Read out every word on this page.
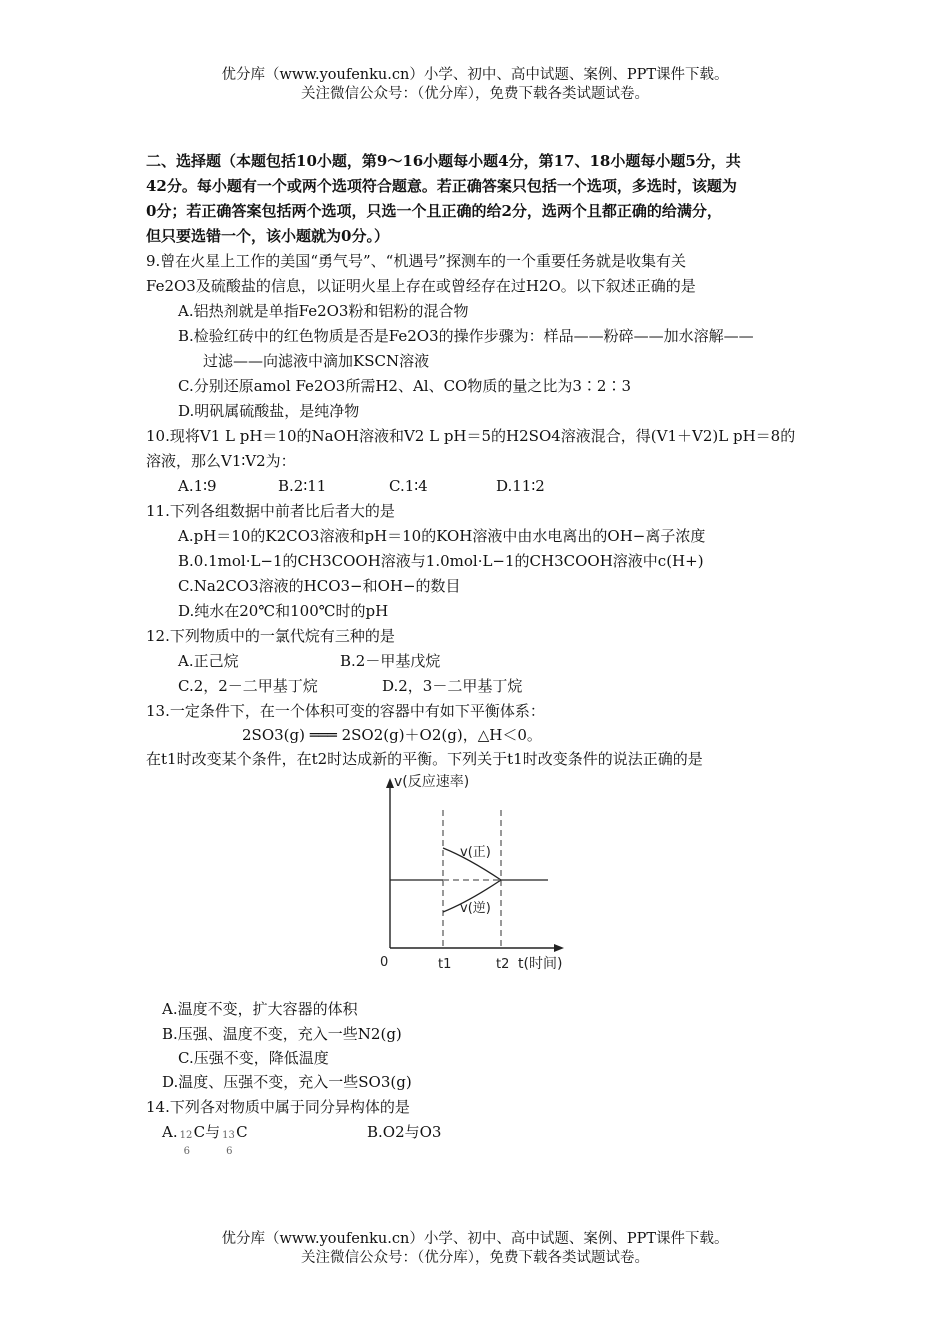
优分库（www.youfenku.cn）小学、初中、高中试题、案例、PPT课件下载。
关注微信公众号：（优分库），免费下载各类试题试卷。
二、选择题（本题包括10小题，第9～16小题每小题4分，第17、18小题每小题5分，共
42分。每小题有一个或两个选项符合题意。若正确答案只包括一个选项，多选时，该题为
0分；若正确答案包括两个选项，只选一个且正确的给2分，选两个且都正确的给满分，
但只要选错一个，该小题就为0分。）
9.曾在火星上工作的美国“勇气号”、“机遇号”探测车的一个重要任务就是收集有关
Fe2O3及硫酸盐的信息，以证明火星上存在或曾经存在过H2O。以下叙述正确的是
A.铝热剂就是单指Fe2O3粉和铝粉的混合物
B.检验红砖中的红色物质是否是Fe2O3的操作步骤为：样品——粉碎——加水溶解——
过滤——向滤液中滴加KSCN溶液
C.分别还原amol Fe2O3所需H2、Al、CO物质的量之比为3∶2∶3
D.明矾属硫酸盐，是纯净物
10.现将V1 L pH＝10的NaOH溶液和V2 L pH＝5的H2SO4溶液混合，得(V1＋V2)L pH＝8的
溶液，那么V1∶V2为：
A.1∶9	B.2∶11	C.1∶4	D.11∶2
11.下列各组数据中前者比后者大的是
A.pH＝10的K2CO3溶液和pH＝10的KOH溶液中由水电离出的OH−离子浓度
B.0.1mol·L−1的CH3COOH溶液与1.0mol·L−1的CH3COOH溶液中c(H+)
C.Na2CO3溶液的HCO3−和OH−的数目
D.纯水在20℃和100℃时的pH
12.下列物质中的一氯代烷有三种的是
A.正己烷	B.2－甲基戊烷
C.2，2－二甲基丁烷	D.2，3－二甲基丁烷
13.一定条件下，在一个体积可变的容器中有如下平衡体系：
2SO3(g) ═══ 2SO2(g)＋O2(g)，△H＜0。
在t1时改变某个条件，在t2时达成新的平衡。下列关于t1时改变条件的说法正确的是
v(反应速率)
v(正)
v(逆)
0	t1	t2 t(时间)
A.温度不变，扩大容器的体积
B.压强、温度不变，充入一些N2(g)
C.压强不变，降低温度
D.温度、压强不变，充入一些SO3(g)
14.下列各对物质中属于同分异构体的是
A. 12
6
C与 13
6
C	B.O2与O3
优分库（www.youfenku.cn）小学、初中、高中试题、案例、PPT课件下载。
关注微信公众号：（优分库），免费下载各类试题试卷。
